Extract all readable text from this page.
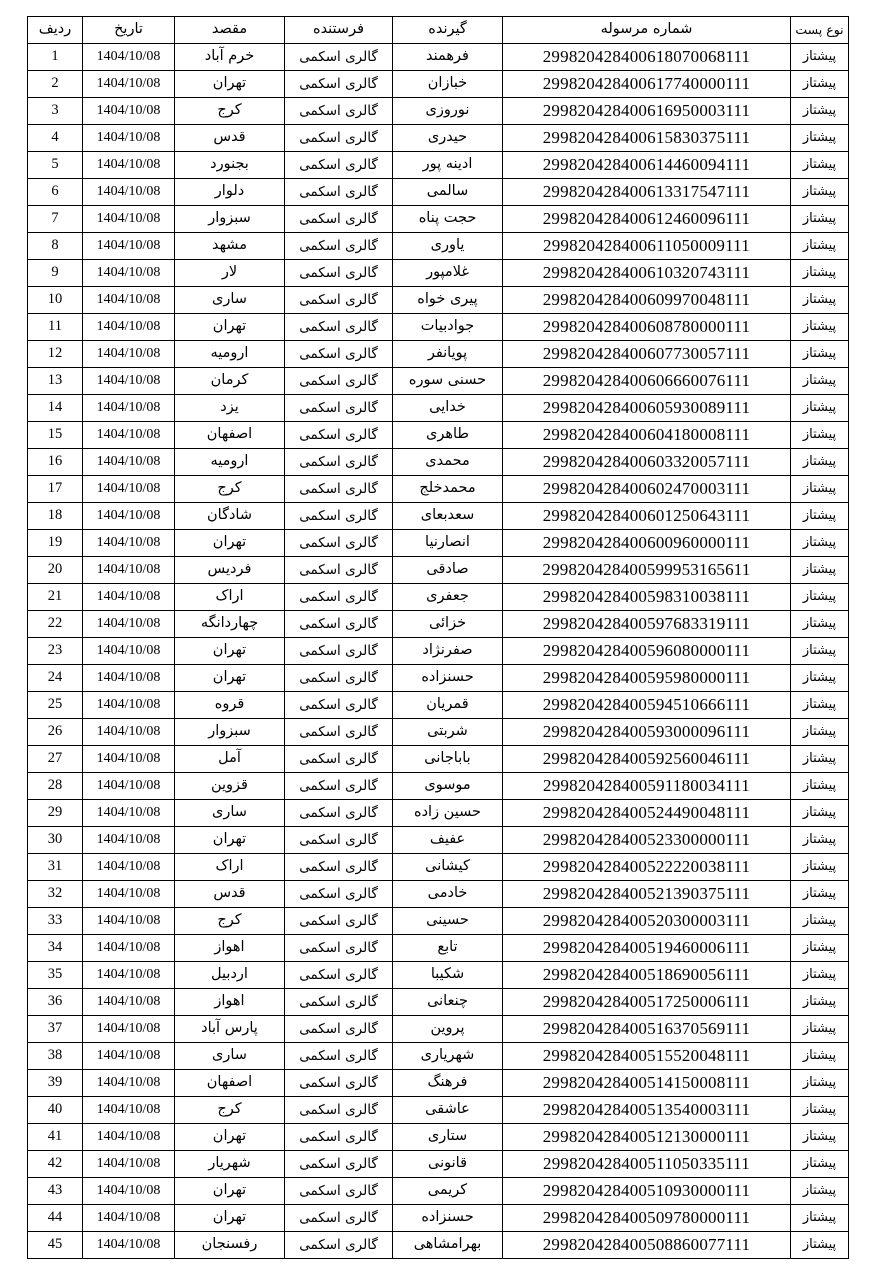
نوع پست	شماره مرسوله	گیرنده	فرستنده	مقصد	تاریخ	ردیف
پیشتاز	299820428400618070068111	فرهمند	گالری اسکمی	خرم آباد	1404/10/08	1
پیشتاز	299820428400617740000111	خبازان	گالری اسکمی	تهران	1404/10/08	2
پیشتاز	299820428400616950003111	نوروزی	گالری اسکمی	کرج	1404/10/08	3
پیشتاز	299820428400615830375111	حیدری	گالری اسکمی	قدس	1404/10/08	4
پیشتاز	299820428400614460094111	ادینه پور	گالری اسکمی	بجنورد	1404/10/08	5
پیشتاز	299820428400613317547111	سالمی	گالری اسکمی	دلوار	1404/10/08	6
پیشتاز	299820428400612460096111	حجت پناه	گالری اسکمی	سبزوار	1404/10/08	7
پیشتاز	299820428400611050009111	یاوری	گالری اسکمی	مشهد	1404/10/08	8
پیشتاز	299820428400610320743111	غلامپور	گالری اسکمی	لار	1404/10/08	9
پیشتاز	299820428400609970048111	پیری خواه	گالری اسکمی	ساری	1404/10/08	10
پیشتاز	299820428400608780000111	جوادبیات	گالری اسکمی	تهران	1404/10/08	11
پیشتاز	299820428400607730057111	پویانفر	گالری اسکمی	ارومیه	1404/10/08	12
پیشتاز	299820428400606660076111	حسنی سوره	گالری اسکمی	کرمان	1404/10/08	13
پیشتاز	299820428400605930089111	خدایی	گالری اسکمی	یزد	1404/10/08	14
پیشتاز	299820428400604180008111	طاهری	گالری اسکمی	اصفهان	1404/10/08	15
پیشتاز	299820428400603320057111	محمدی	گالری اسکمی	ارومیه	1404/10/08	16
پیشتاز	299820428400602470003111	محمدخلج	گالری اسکمی	کرج	1404/10/08	17
پیشتاز	299820428400601250643111	سعدبعای	گالری اسکمی	شادگان	1404/10/08	18
پیشتاز	299820428400600960000111	انصارنیا	گالری اسکمی	تهران	1404/10/08	19
پیشتاز	299820428400599953165611	صادقی	گالری اسکمی	فردیس	1404/10/08	20
پیشتاز	299820428400598310038111	جعفری	گالری اسکمی	اراک	1404/10/08	21
پیشتاز	299820428400597683319111	خزائی	گالری اسکمی	چهاردانگه	1404/10/08	22
پیشتاز	299820428400596080000111	صفرنژاد	گالری اسکمی	تهران	1404/10/08	23
پیشتاز	299820428400595980000111	حسنزاده	گالری اسکمی	تهران	1404/10/08	24
پیشتاز	299820428400594510666111	قمریان	گالری اسکمی	قروه	1404/10/08	25
پیشتاز	299820428400593000096111	شربتی	گالری اسکمی	سبزوار	1404/10/08	26
پیشتاز	299820428400592560046111	باباجانی	گالری اسکمی	آمل	1404/10/08	27
پیشتاز	299820428400591180034111	موسوی	گالری اسکمی	قزوین	1404/10/08	28
پیشتاز	299820428400524490048111	حسین زاده	گالری اسکمی	ساری	1404/10/08	29
پیشتاز	299820428400523300000111	عفیف	گالری اسکمی	تهران	1404/10/08	30
پیشتاز	299820428400522220038111	کیشانی	گالری اسکمی	اراک	1404/10/08	31
پیشتاز	299820428400521390375111	خادمی	گالری اسکمی	قدس	1404/10/08	32
پیشتاز	299820428400520300003111	حسینی	گالری اسکمی	کرج	1404/10/08	33
پیشتاز	299820428400519460006111	تابع	گالری اسکمی	اهواز	1404/10/08	34
پیشتاز	299820428400518690056111	شکیبا	گالری اسکمی	اردبیل	1404/10/08	35
پیشتاز	299820428400517250006111	چنعانی	گالری اسکمی	اهواز	1404/10/08	36
پیشتاز	299820428400516370569111	پروین	گالری اسکمی	پارس آباد	1404/10/08	37
پیشتاز	299820428400515520048111	شهریاری	گالری اسکمی	ساری	1404/10/08	38
پیشتاز	299820428400514150008111	فرهنگ	گالری اسکمی	اصفهان	1404/10/08	39
پیشتاز	299820428400513540003111	عاشقی	گالری اسکمی	کرج	1404/10/08	40
پیشتاز	299820428400512130000111	ستاری	گالری اسکمی	تهران	1404/10/08	41
پیشتاز	299820428400511050335111	قانونی	گالری اسکمی	شهریار	1404/10/08	42
پیشتاز	299820428400510930000111	کریمی	گالری اسکمی	تهران	1404/10/08	43
پیشتاز	299820428400509780000111	حسنزاده	گالری اسکمی	تهران	1404/10/08	44
پیشتاز	299820428400508860077111	بهرامشاهی	گالری اسکمی	رفسنجان	1404/10/08	45
